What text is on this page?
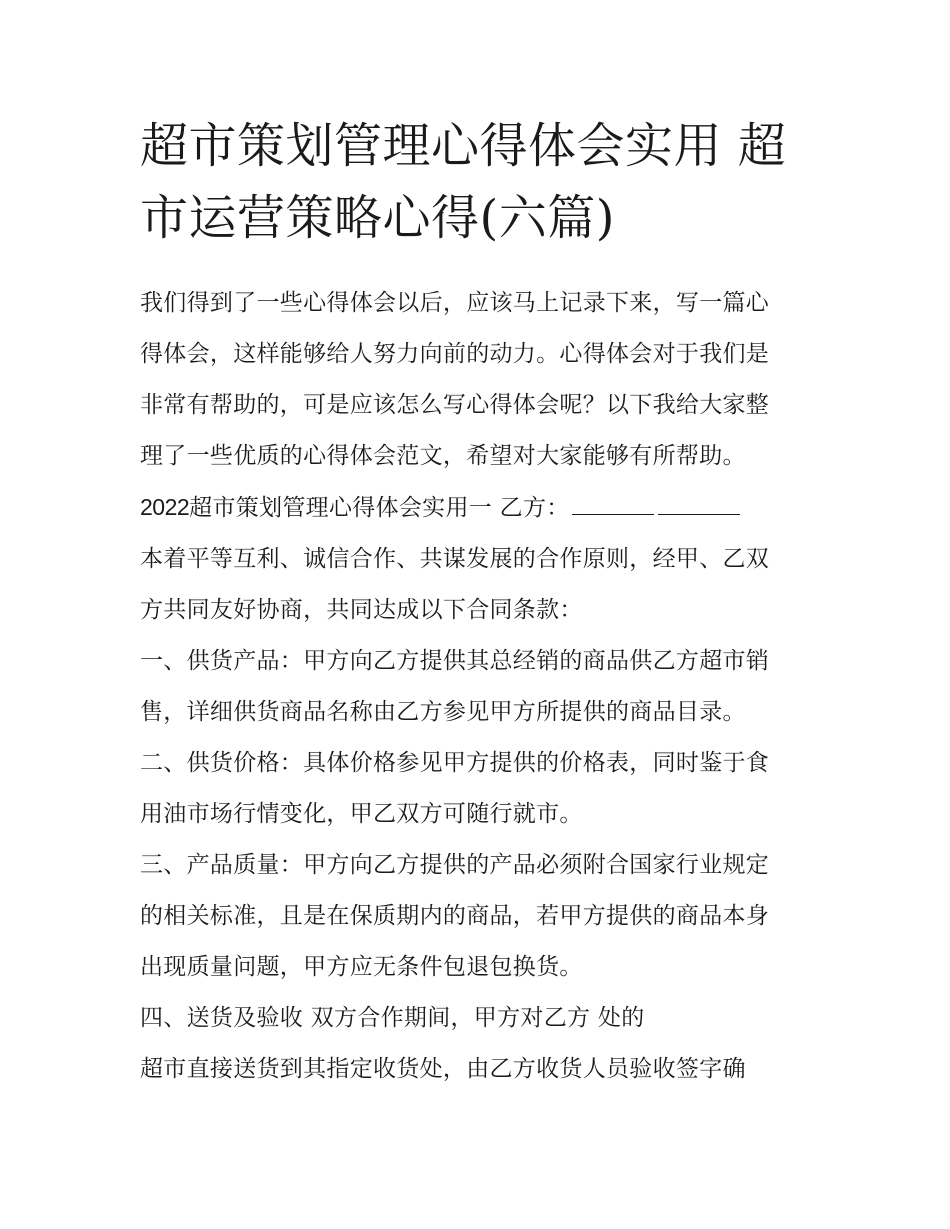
超市策划管理心得体会实用 超
市运营策略心得(六篇)

我们得到了一些心得体会以后，应该马上记录下来，写一篇心
得体会，这样能够给人努力向前的动力。心得体会对于我们是
非常有帮助的，可是应该怎么写心得体会呢？以下我给大家整
理了一些优质的心得体会范文，希望对大家能够有所帮助。

2022超市策划管理心得体会实用一 乙方：

本着平等互利、诚信合作、共谋发展的合作原则，经甲、乙双
方共同友好协商，共同达成以下合同条款：
一、供货产品：甲方向乙方提供其总经销的商品供乙方超市销
售，详细供货商品名称由乙方参见甲方所提供的商品目录。
二、供货价格：具体价格参见甲方提供的价格表，同时鉴于食
用油市场行情变化，甲乙双方可随行就市。
三、产品质量：甲方向乙方提供的产品必须附合国家行业规定
的相关标准，且是在保质期内的商品，若甲方提供的商品本身
出现质量问题，甲方应无条件包退包换货。
四、送货及验收 双方合作期间，甲方对乙方 处的
超市直接送货到其指定收货处，由乙方收货人员验收签字确
